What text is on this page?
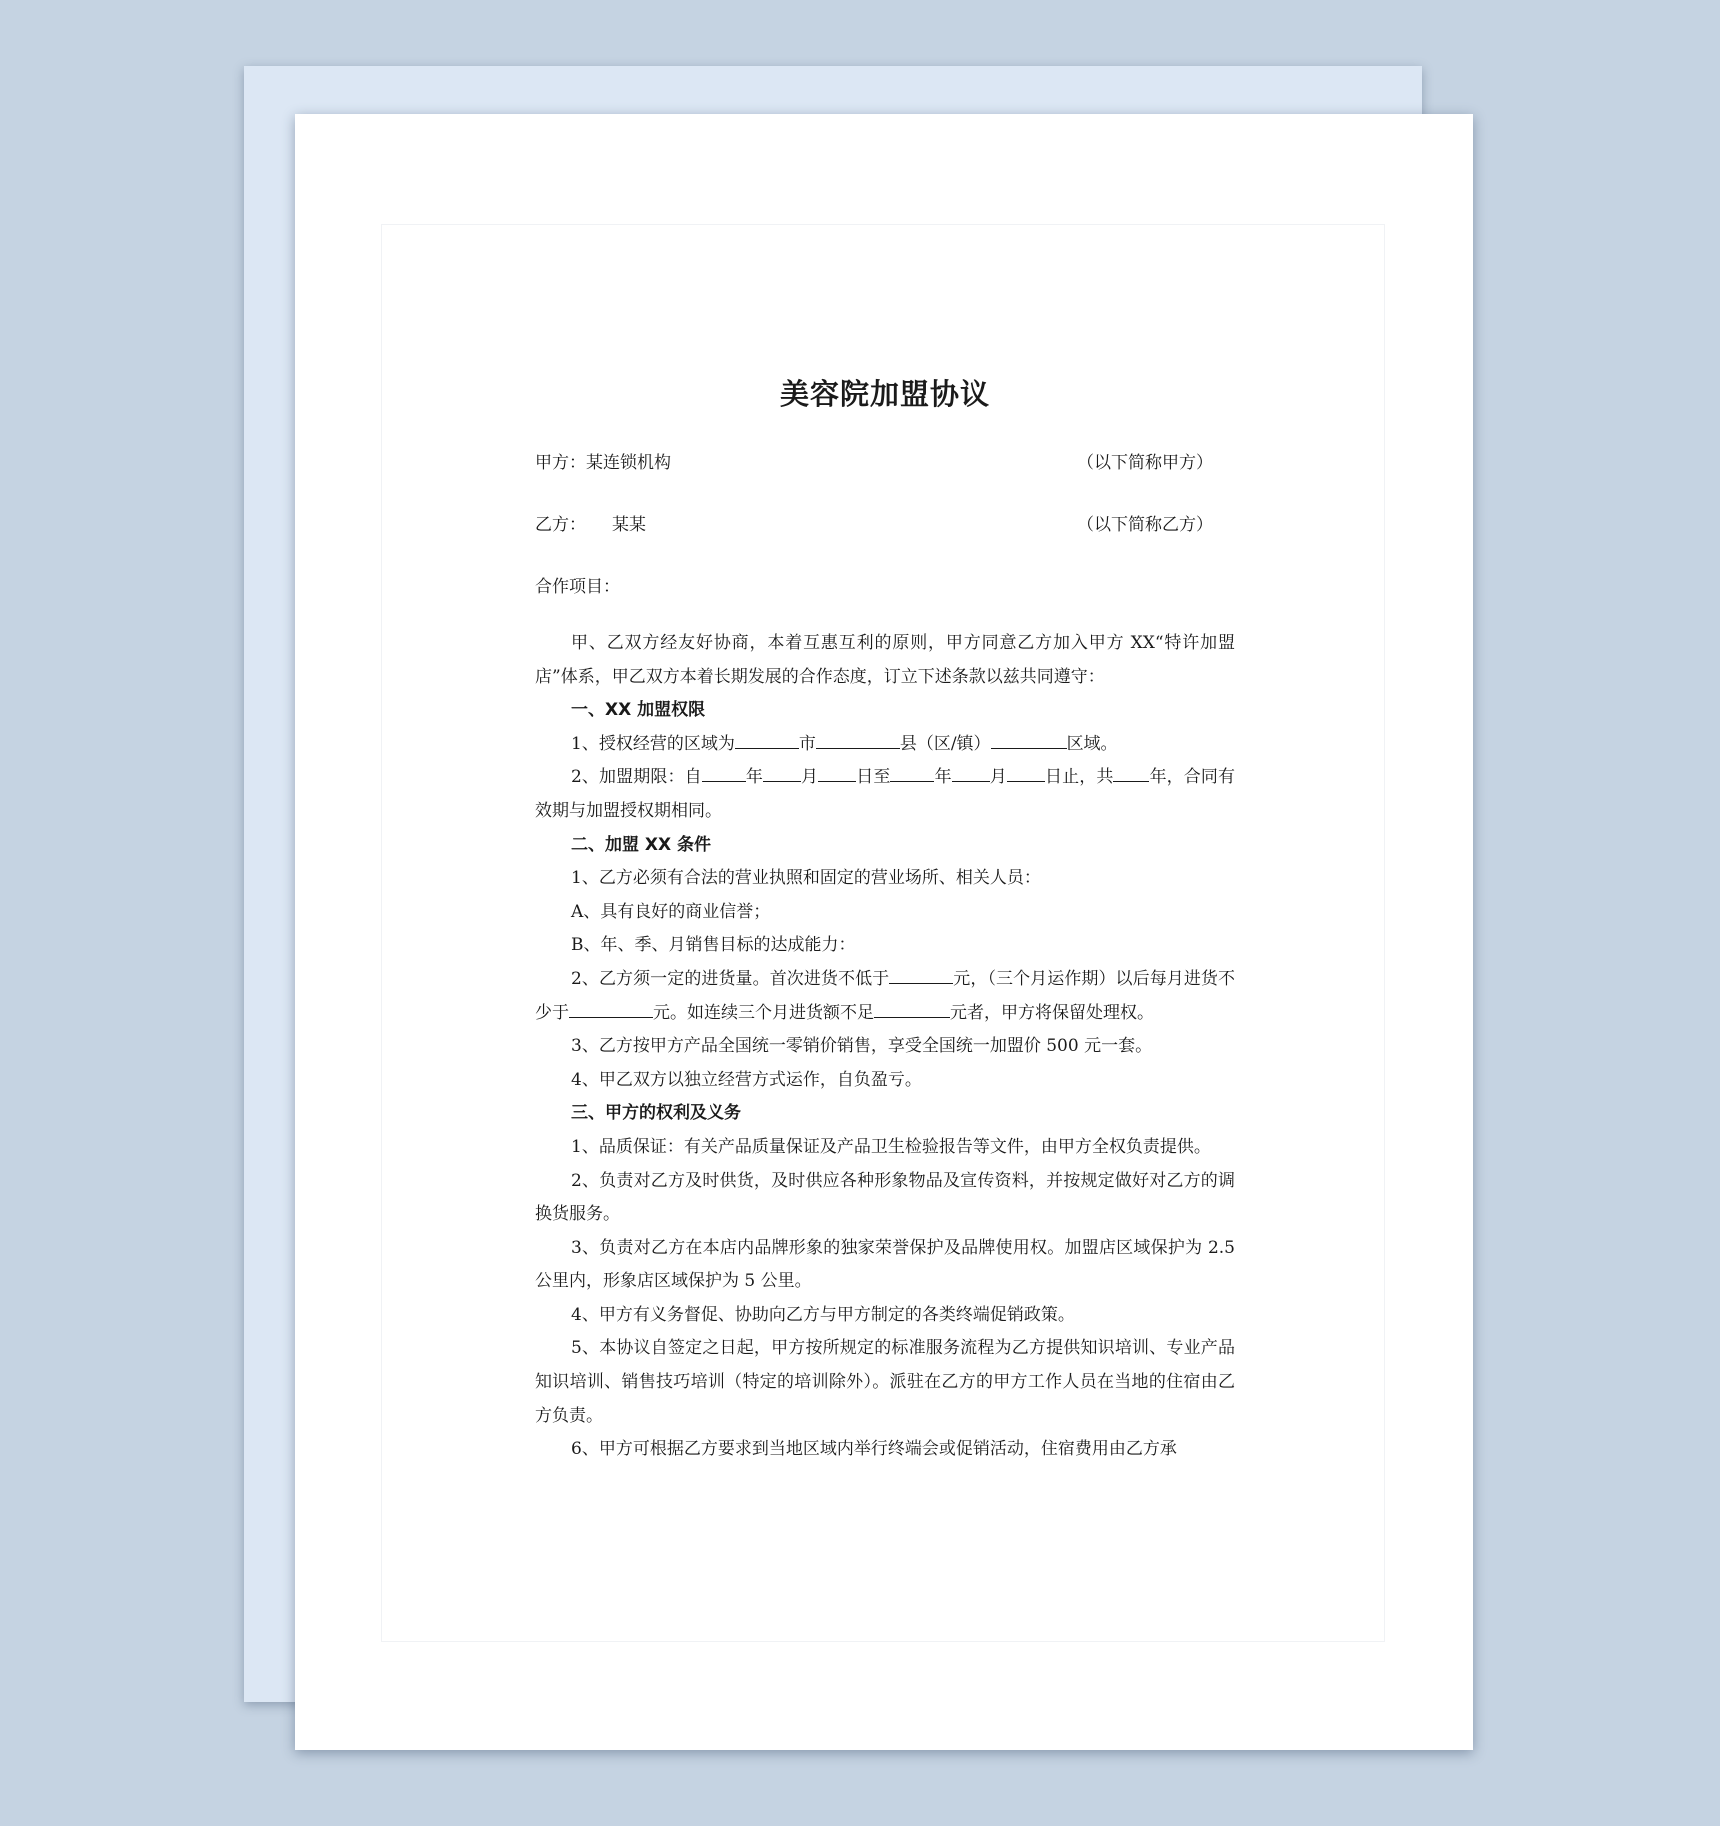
美容院加盟协议
甲方：某连锁机构	（以下简称甲方）
乙方： 某某	（以下简称乙方）
合作项目：

甲、乙双方经友好协商，本着互惠互利的原则，甲方同意乙方加入甲方 XX“特许加盟店”体系，甲乙双方本着长期发展的合作态度，订立下述条款以兹共同遵守：

一、XX 加盟权限

1、授权经营的区域为	市	县（区/镇）	区域。

2、加盟期限：自	年 月 日至	年 月 日止，共 年，合同有效期与加盟授权期相同。

二、加盟 XX 条件

1、乙方必须有合法的营业执照和固定的营业场所、相关人员：

A、具有良好的商业信誉；

B、年、季、月销售目标的达成能力：

2、乙方须一定的进货量。首次进货不低于	元，（三个月运作期）以后每月进货不少于	元。如连续三个月进货额不足	元者，甲方将保留处理权。

3、乙方按甲方产品全国统一零销价销售，享受全国统一加盟价 500 元一套。

4、甲乙双方以独立经营方式运作，自负盈亏。

三、甲方的权利及义务

1、品质保证：有关产品质量保证及产品卫生检验报告等文件，由甲方全权负责提供。

2、负责对乙方及时供货，及时供应各种形象物品及宣传资料，并按规定做好对乙方的调换货服务。

3、负责对乙方在本店内品牌形象的独家荣誉保护及品牌使用权。加盟店区域保护为 2.5 公里内，形象店区域保护为 5 公里。

4、甲方有义务督促、协助向乙方与甲方制定的各类终端促销政策。

5、本协议自签定之日起，甲方按所规定的标准服务流程为乙方提供知识培训、专业产品知识培训、销售技巧培训（特定的培训除外）。派驻在乙方的甲方工作人员在当地的住宿由乙方负责。

6、甲方可根据乙方要求到当地区域内举行终端会或促销活动，住宿费用由乙方承
